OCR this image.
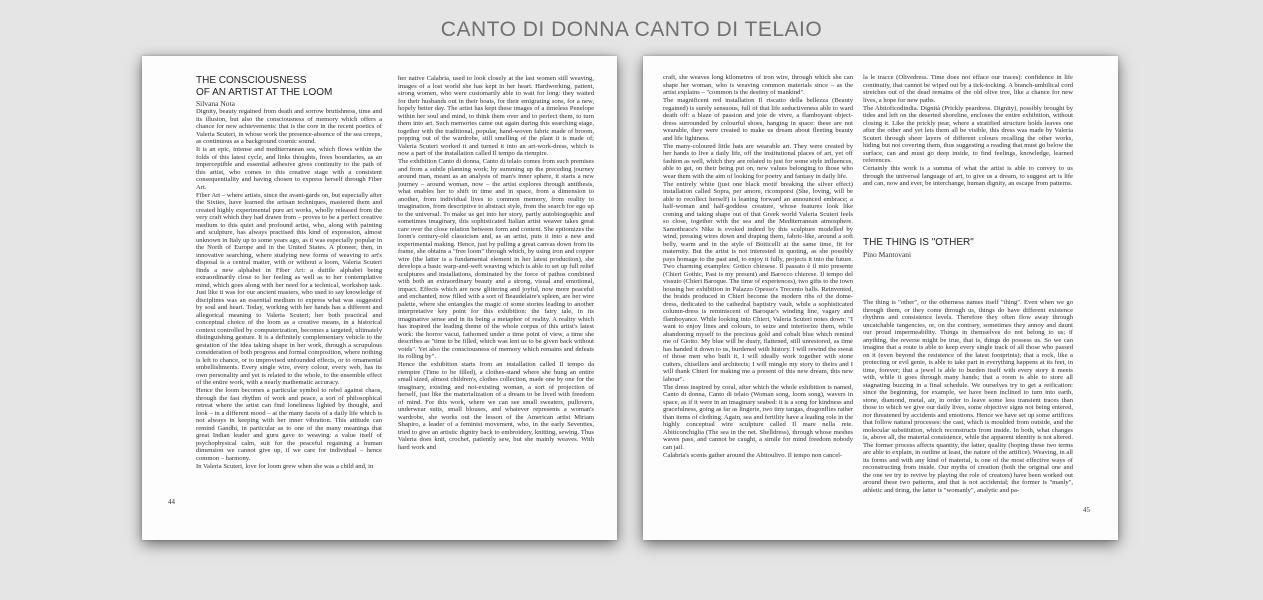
CANTO DI DONNA CANTO DI TELAIO
THE CONSCIOUSNESS
OF AN ARTIST AT THE LOOM
Silvana Nota

Dignity, beauty regained from death and sorrow brutishness, time and its illusion, but also the consciousness of memory which offers a chance for new achievements: that is the core in the recent poetics of Valeria Scuteri, in whose work the presence-absence of the sea creeps, as continuous as a background cosmic sound.

It is an epic, intense and mediterranean sea, which flows within the folds of this latest cycle, and links thoughts, frees boundaries, as an imperceptible and essential adhesive gives continuity to the path of this artist, who comes to this creative stage with a consistent consequentiality and having chosen to express herself through Fiber Art.

Fiber Art – where artists, since the avant-gards on, but especially after the Sixties, have learned the artisan techniques, mastered them and created highly experimental pure art works, wholly released from the very craft which they had drawn from – proves to be a perfect creative medium to this quiet and profound artist, who, along with painting and sculpture, has always practised this kind of expression, almost unknown in Italy up to some years ago, as it was especially popular in the North of Europe and in the United States. A pioneer, then, in innovative searching, where studying new forms of weaving to art's disposal is a central matter, with or without a loom, Valeria Scuteri finds a new alphabet in Fiber Art: a duttile alphabet being extraordinarily close to her feeling as well as to her contemplative mind, which goes along with her need for a technical, workshop task. Just like it was for our ancient masters, who used to say knowledge of disciplines was an essential medium to express what was suggested by soul and heart. Today, working with her hands has a different and allegorical meaning to Valeria Scuteri; her both practical and conceptual choice of the loom as a creative means, in a historical context controlled by computerization, becomes a targeted, ultimately distinguishing gesture. It is a definitely complementary vehicle to the gestation of the idea taking shape in her work, through a scrupulous consideration of both progress and formal composition, where nothing is left to chance, or to improvised unfounded effects, or to ornamental embellishments. Every single wire, every colour, every web, has its own personality and yet is related to the whole, to the ensemble effect of the entire work, with a nearly mathematic accuracy.

Hence the loom becomes a particular symbol to rebel against chaos, through the fast rhythm of work and peace, a sort of philosophical retreat where the artist can find loneliness lighted by thought, and look – in a different mood – at the many facets of a daily life which is not always in keeping with her inner vibration. This attitude can remind Gandhi, in particular as to one of the many meanings that great Indian leader and guru gave to weaving: a value itself of psychophysical calm, suit for the peaceful regaining a human dimension we cannot give up, if we care for individual – hence common – harmony.

In Valeria Scuteri, love for loom grew when she was a child and, in

her native Calabria, used to look closely at the last women still weaving, images of a lost world she has kept in her heart. Hardworking, patient, strong women, who were customarily able to wait for long: they waited for their husbands out in their boats, for their emigrating sons, for a new, hopely better day. The artist has kept these images of a timeless Penelope within her soul and mind, to think them over and to perfect them, to turn them into art. Such memories came out again during this searching stage, together with the traditional, popular, hand-woven fabric made of broom, popping out of the wardrobe, still smelling of the plant it is made of; Valeria Scuteri worked it and turned it into an art-work-dress, which is now a part of the installation called Il tempo da riempire.

The exhibition Canto di donna, Canto di telaio comes from such premises and from a subtle planning work; by summing up the preceding journey around man, meant as an analysis of man's inner sphere, it starts a new journey – around woman, now – the artist explores through antithesis, what enables her to shift in time and in space, from a dimension to another, from individual lives to common memory, from reality to imagination, from descriptive to abstract style, from the search for ego up to the universal. To make us get into her story, partly autobiographic and sometimes imaginary, this sophisticated Italian artist weaver takes great care over the close relation between form and content. She epitomizes the loom's century-old classicism and, as an artist, puts it into a new and experimental making. Hence, just by pulling a great canvas down from its frame, she obtains a "free loom" through which, by using iron and copper wire (the latter is a fundamental element in her latest production), she develops a basic warp-and-weft weaving which is able to set up full relief sculptures and installations, dominated by the force of pathos combined with both an extraordinary beauty and a strong, visual and emotional, impact. Effects which are now glittering and joyful, now more peaceful and enchanted, now filled with a sort of Beaudelaire's spleen, are her wire palette, where she entangles the magic of some stories leading to another interpretative key point for this exhibition: the fairy tale, in its imaginative sense and in its being a metaphor of reality. A reality which has inspired the leading theme of the whole corpus of this artist's latest work: the horror vacui, fathomed under a time point of view, a time she describes as "time to be filled, which was lent us to be given back without voids". Yet also the consciousness of memory which remains and defeats its rolling by".

Hence the exhibition starts from an installation called Il tempo da riempire (Time to be filled), a clothes-stand where she hung an entire small sized, almost children's, clothes collection, made one by one for the imaginary, existing and not-existing woman, a sort of projection of herself, just like the materialization of a dream to be lived with freedom of mind. For this work, where we can see small sweaters, pullovers, underwear suits, small blouses, and whatever represents a woman's wardrobe, she works out the lesson of the American artist Miriam Shapiro, a leader of a feminist movement, who, in the early Seventies, tried to give an artistic dignity back to embroidery, knitting, sewing. Thus Valeria does knit, crochet, patiently sew, but she mainly weaves. With hard work and

44

craft, she weaves long kilometres of iron wire, through which she can shape her woman, who is weaving common materials since – as the artist explains – "common is the destiny of mankind".

The magnificent red installation Il riscatto della bellezza (Beauty regained) is surely sensuous, full of that life seductiveness able to ward death off: a blaze of passion and joie de vivre, a flamboyant object-dress surrounded by colourful shoes, hanging in space: these are not wearable, they were created to make us dream about fleeting beauty and life lightness.

The many-coloured little hats are wearable art. They were created by her hands to live a daily life, off the institutional places of art, yet off fashion as well, which they are related to just for some style influences, able to get, on their being put on, new values belonging to those who wear them with the aim of looking for poetry and fantasy in daily life.

The entirely white (just one black motif breaking the silver effect) installation called Sopra, per amore, ricomporsi (She, loving, will be able to recollect herself) is leaning forward an announced embrace; a half-woman and half-goddess creature, whose features look like coming and taking shape out of that Greek world Valeria Scuteri feels so close, together with the sea and the Mediterranean atmosphere. Samothrace's Nike is evoked indeed by this sculpture modelled by wind, pressing wires down and draping them, fabric-like, around a soft belly, warm and in the style of Botticelli at the same time, fit for maternity. But the artist is not interested in quoting, as she possibly pays homage to the past and, to enjoy it fully, projects it into the future. Two charming examples: Gotico chiesese. Il passato è il mio presente (Chieri Gothic, Past is my present) and Barocco chierese. Il tempo del vissuto (Chieri Baroque. The time of experiences), two gifts to the town housing her exhibition in Palazzo Opesso's Trecento halls. Reinvented, the braids produced in Chieri become the modern ribs of the dome-dress, dedicated to the cathedral baptistry vault, while a sophisticated column-dress is reminiscent of Baroque's winding line, vagary and flamboyance. While looking into Chieri, Valeria Scuteri notes down: "I want to enjoy lines and colours, to seize and interiorize them, while abandoning myself to the precious gold and cobalt blue which remind me of Giotto. My blue will be dusty, flattened, still unrestored, as time has handed it down to us, burdened with history. I will rewind the sweat of those men who built it, I will ideally work together with stone cutters, chisellers and architects; I will mingle my story to theirs and I will thank Chieri for making me a present of this new dream, this new labour".

The dress inspired by coral, after which the whole exhibition is named, Canto di donna, Canto di telaio (Woman song, loom song), wavers in space, as if it were in an imaginary seabed: it is a song for kindness and gracefulness, going as far as lingerie, two tiny tangas, dragonflies rather than items of clothing. Again, sea and fertility have a leading role in the highly conceptual wire sculpture called Il mare nella rete. Abiticonchiglia (The sea in the net. Shelldress), through whose meshes waves pass, and cannot be caught, a simile for mind freedom nobody can jail.

Calabria's scents gather around the Abitoulivo. Il tempo non cancel-

la le tracce (Olivedress. Time does not efface our traces): confidence in life continuity, that cannot be wiped out by a tick-tocking. A branch-umbilical cord stretches out of the dead remains of the old olive tree, like a chance for new lives, a hope for new paths.

The Abitoficodindia. Dignità (Prickly peardress. Dignity), possibly brought by tides and left on the deserted shoreline, encloses the entire exhibition, without closing it. Like the prickly pear, where a stratified structure holds leaves one after the other and yet lets them all be visible, this dress was made by Valeria Scuteri through sheer layers of different colours recalling the other works, hiding but not covering them, thus suggesting a reading that must go below the surface, can and must go deep inside, to find feelings, knowledge, learned references.

Certainly this work is a summa of what the artist is able to convey to us through the universal language of art, to give us a dream, to suggest art is life and can, now and ever, be interchange, human dignity, an escape from patterns.

THE THING IS "OTHER"
Pino Mantovani

The thing is "other", or the otherness names itself "thing". Even when we go through them, or they come through us, things do have different existence rhythms and consistence levels. Therefore they often flow away through uncatchable tangencies, or, on the contrary, sometimes they annoy and daunt our proud impermeability. Things in themselves do not belong to us; if anything, the reverse might be true, that is, things do possess us. So we can imagine that a route is able to keep every single track of all those who passed on it (even beyond the resistence of the latest footprints); that a rock, like a protecting or evil genie, is able to take part in everything happens at its feet, in time, forever; that a jewel is able to burden itself with every story it meets with, while it goes through many hands; that a room is able to store all stagnating buzzing in a final schedule. We ourselves try to get a reification: since the beginning, for example, we have been inclined to turn into earth, stone, diamond, metal, air, in order to leave some less transient traces than those to which we give our daily lives, some objective signs not being entered, nor threatened by accidents and emotions. Hence we have set up some artifices that follow natural processes: the cast, which is moulded from outside, and the molecular substitution, which reconstructs from inside. In both, what changes is, above all, the material consistence, while the apparent identity is not altered. The former process affects quantity, the latter, quality (hoping these two terms are able to explain, in outline at least, the nature of the artifice). Weaving, in all its forms and with any kind of material, is one of the most effective ways of reconstructing from inside. Our myths of creation (both the original one and the one we try to revive by playing the role of creators) have been worked out around these two patterns, and that is not accidental; the former is "manly", athletic and tiring, the latter is "womanly", analytic and pa-

45
